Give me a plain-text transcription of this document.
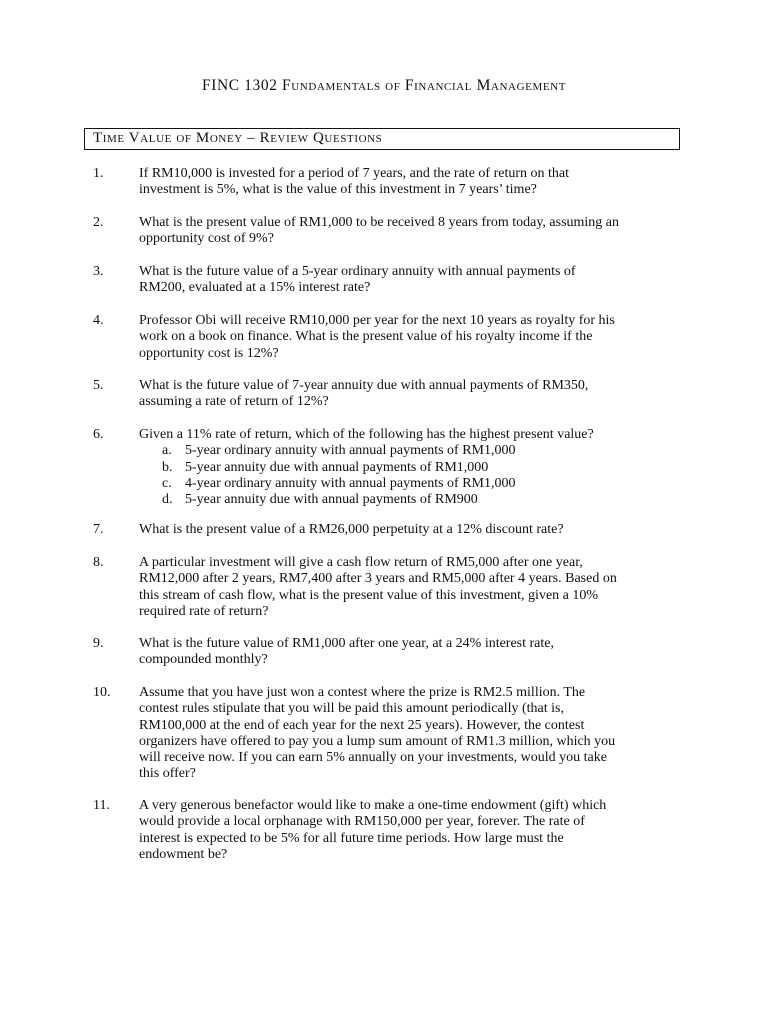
FINC 1302 Fundamentals of Financial Management
Time Value of Money – Review Questions
1.	If RM10,000 is invested for a period of 7 years, and the rate of return on that
investment is 5%, what is the value of this investment in 7 years’ time?
2.	What is the present value of RM1,000 to be received 8 years from today, assuming an
opportunity cost of 9%?
3.	What is the future value of a 5-year ordinary annuity with annual payments of
RM200, evaluated at a 15% interest rate?
4.	Professor Obi will receive RM10,000 per year for the next 10 years as royalty for his
work on a book on finance. What is the present value of his royalty income if the
opportunity cost is 12%?
5.	What is the future value of 7-year annuity due with annual payments of RM350,
assuming a rate of return of 12%?
6.	Given a 11% rate of return, which of the following has the highest present value?
a. 5-year ordinary annuity with annual payments of RM1,000
b. 5-year annuity due with annual payments of RM1,000
c. 4-year ordinary annuity with annual payments of RM1,000
d. 5-year annuity due with annual payments of RM900
7.	What is the present value of a RM26,000 perpetuity at a 12% discount rate?
8.	A particular investment will give a cash flow return of RM5,000 after one year,
RM12,000 after 2 years, RM7,400 after 3 years and RM5,000 after 4 years. Based on
this stream of cash flow, what is the present value of this investment, given a 10%
required rate of return?
9.	What is the future value of RM1,000 after one year, at a 24% interest rate,
compounded monthly?
10. Assume that you have just won a contest where the prize is RM2.5 million. The
contest rules stipulate that you will be paid this amount periodically (that is,
RM100,000 at the end of each year for the next 25 years). However, the contest
organizers have offered to pay you a lump sum amount of RM1.3 million, which you
will receive now. If you can earn 5% annually on your investments, would you take
this offer?
11. A very generous benefactor would like to make a one-time endowment (gift) which
would provide a local orphanage with RM150,000 per year, forever. The rate of
interest is expected to be 5% for all future time periods. How large must the
endowment be?
